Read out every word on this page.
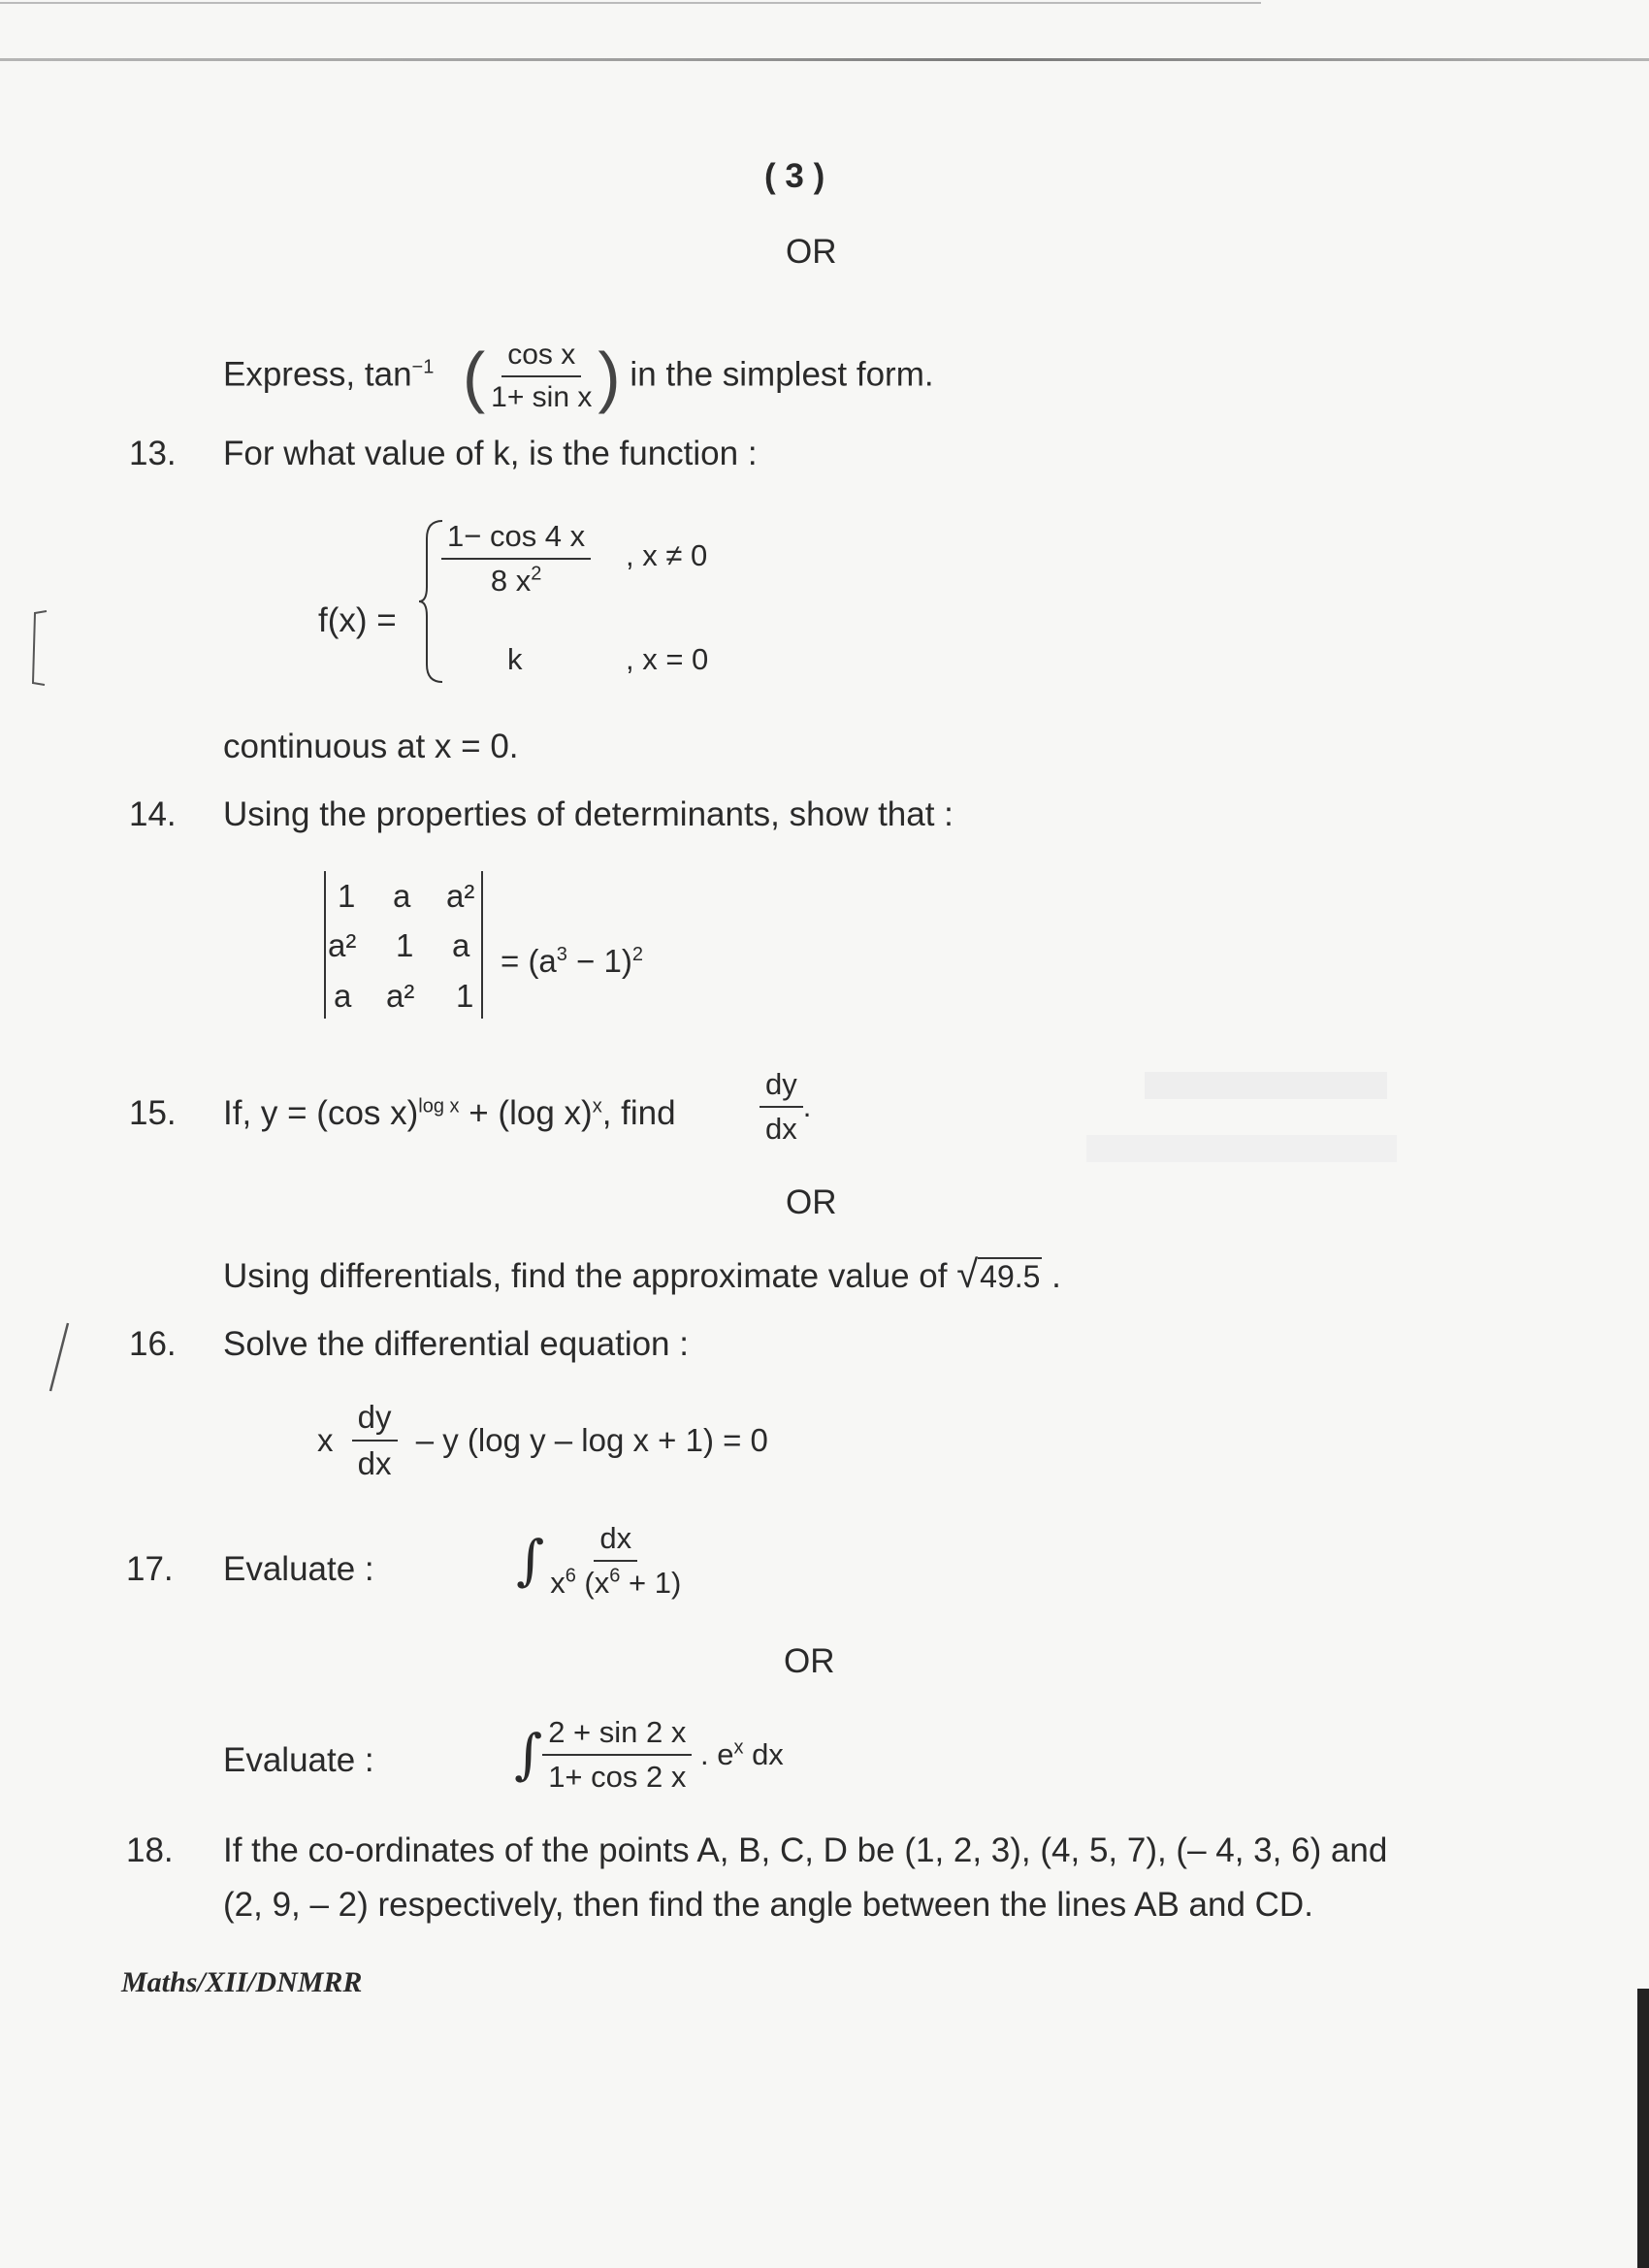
( 3 )
OR
Express, $\tan^{-1}$ ( $\frac{\text{cos x}}{\text{1+ sin x}}$ ) in the simplest form.
13. For what value of k, is the function :
f(x) =
$\frac{1- \cos 4 x}{8 x^2}$ , x ≠ 0
k	, x = 0
continuous at x = 0.
14. Using the properties of determinants, show that :
1 a a²
a² 1 a
a a² 1
= $(a^3 - 1)^2$
15. If, y = (cos x)$^{log x}$ + (log x)$^x$, find	$\frac{dy}{dx}$ .
OR
Using differentials, find the approximate value of √49.5 .
16. Solve the differential equation :
x $\frac{dy}{dx}$ – y (log y – log x + 1) = 0
17. Evaluate :	∫ $\frac{dx}{x^6 (x^6 + 1)}$
OR
Evaluate :	∫ $\frac{2 + \sin 2 x}{1+ \cos 2 x}$ . $e^x$ dx
18. If the co-ordinates of the points A, B, C, D be (1, 2, 3), (4, 5, 7), (– 4, 3, 6) and
(2, 9, – 2) respectively, then find the angle between the lines AB and CD.
Maths/XII/DNMRR
